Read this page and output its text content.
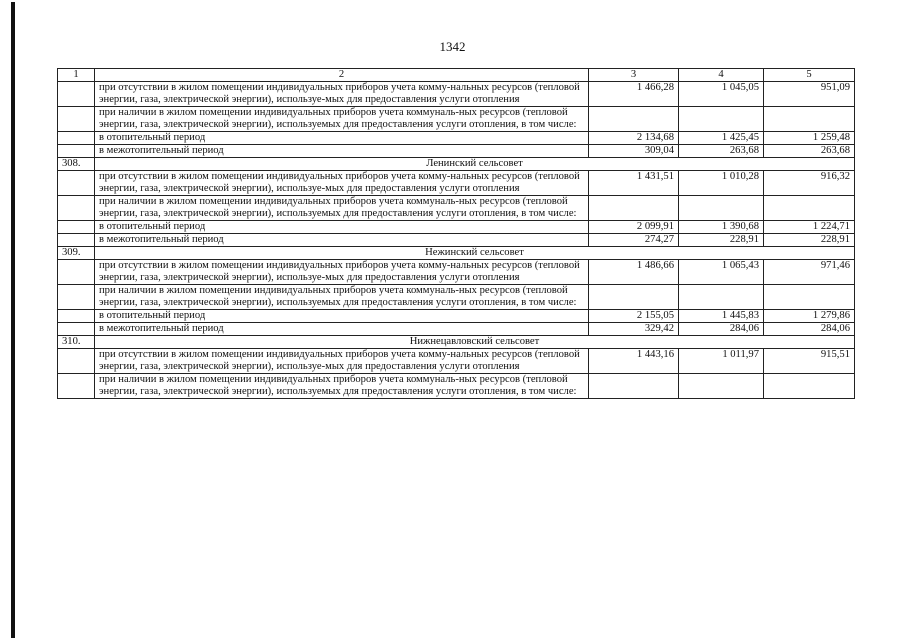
1342
1	2	3	4	5
	при отсутствии в жилом помещении индивидуальных приборов учета комму-нальных ресурсов (тепловой энергии, газа, электрической энергии), используе-мых для предоставления услуги отопления	1 466,28	1 045,05	951,09
	при наличии в жилом помещении индивидуальных приборов учета коммуналь-ных ресурсов (тепловой энергии, газа, электрической энергии), используемых для предоставления услуги отопления, в том числе:			
	в отопительный период	2 134,68	1 425,45	1 259,48
	в межотопительный период	309,04	263,68	263,68
308.	Ленинский сельсовет			
	при отсутствии в жилом помещении индивидуальных приборов учета комму-нальных ресурсов (тепловой энергии, газа, электрической энергии), используе-мых для предоставления услуги отопления	1 431,51	1 010,28	916,32
	при наличии в жилом помещении индивидуальных приборов учета коммуналь-ных ресурсов (тепловой энергии, газа, электрической энергии), используемых для предоставления услуги отопления, в том числе:			
	в отопительный период	2 099,91	1 390,68	1 224,71
	в межотопительный период	274,27	228,91	228,91
309.	Нежинский сельсовет			
	при отсутствии в жилом помещении индивидуальных приборов учета комму-нальных ресурсов (тепловой энергии, газа, электрической энергии), используе-мых для предоставления услуги отопления	1 486,66	1 065,43	971,46
	при наличии в жилом помещении индивидуальных приборов учета коммуналь-ных ресурсов (тепловой энергии, газа, электрической энергии), используемых для предоставления услуги отопления, в том числе:			
	в отопительный период	2 155,05	1 445,83	1 279,86
	в межотопительный период	329,42	284,06	284,06
310.	Нижнецавловский сельсовет			
	при отсутствии в жилом помещении индивидуальных приборов учета комму-нальных ресурсов (тепловой энергии, газа, электрической энергии), используе-мых для предоставления услуги отопления	1 443,16	1 011,97	915,51
	при наличии в жилом помещении индивидуальных приборов учета коммуналь-ных ресурсов (тепловой энергии, газа, электрической энергии), используемых для предоставления услуги отопления, в том числе:			
